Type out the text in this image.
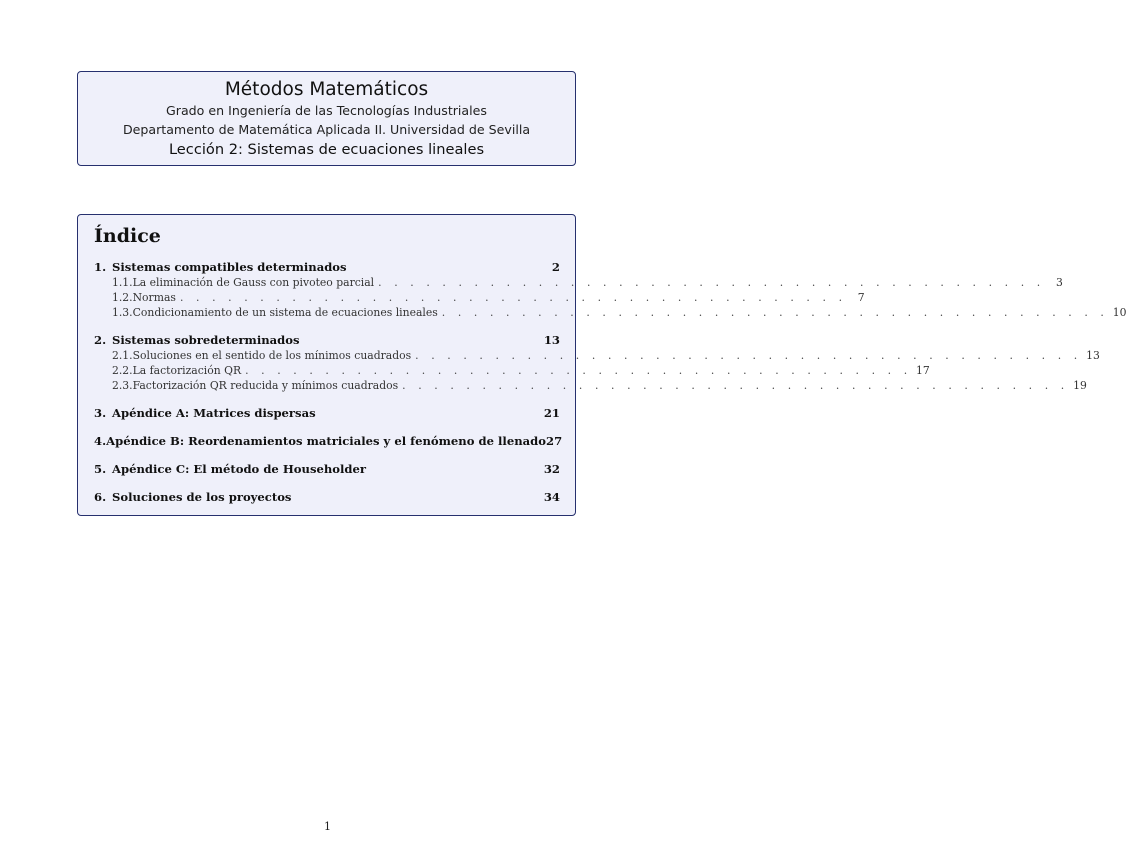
Métodos Matemáticos
Grado en Ingeniería de las Tecnologías Industriales
Departamento de Matemática Aplicada II. Universidad de Sevilla
Lección 2: Sistemas de ecuaciones lineales
Índice
1. Sistemas compatibles determinados	2
1.1. La eliminación de Gauss con pivoteo parcial . . . . . . . . . . . . . . . . . . . . . . . . . . . . . . . . . . . . . . . . . .	3
1.2. Normas . . . . . . . . . . . . . . . . . . . . . . . . . . . . . . . . . . . . . . . . . .	7
1.3. Condicionamiento de un sistema de ecuaciones lineales . . . . . . . . . . . . . . . . . . . . . . . . . . . . . . . . . . . . . . . . . . 10
2. Sistemas sobredeterminados	13
2.1. Soluciones en el sentido de los mínimos cuadrados . . . . . . . . . . . . . . . . . . . . . . . . . . . . . . . . . . . . . . . . . . 13
2.2. La factorización QR . . . . . . . . . . . . . . . . . . . . . . . . . . . . . . . . . . . . . . . . . . 17
2.3. Factorización QR reducida y mínimos cuadrados . . . . . . . . . . . . . . . . . . . . . . . . . . . . . . . . . . . . . . . . . . 19
3. Apéndice A: Matrices dispersas	21
4. Apéndice B: Reordenamientos matriciales y el fenómeno de llenado 27
5. Apéndice C: El método de Householder	32
6. Soluciones de los proyectos	34
1
